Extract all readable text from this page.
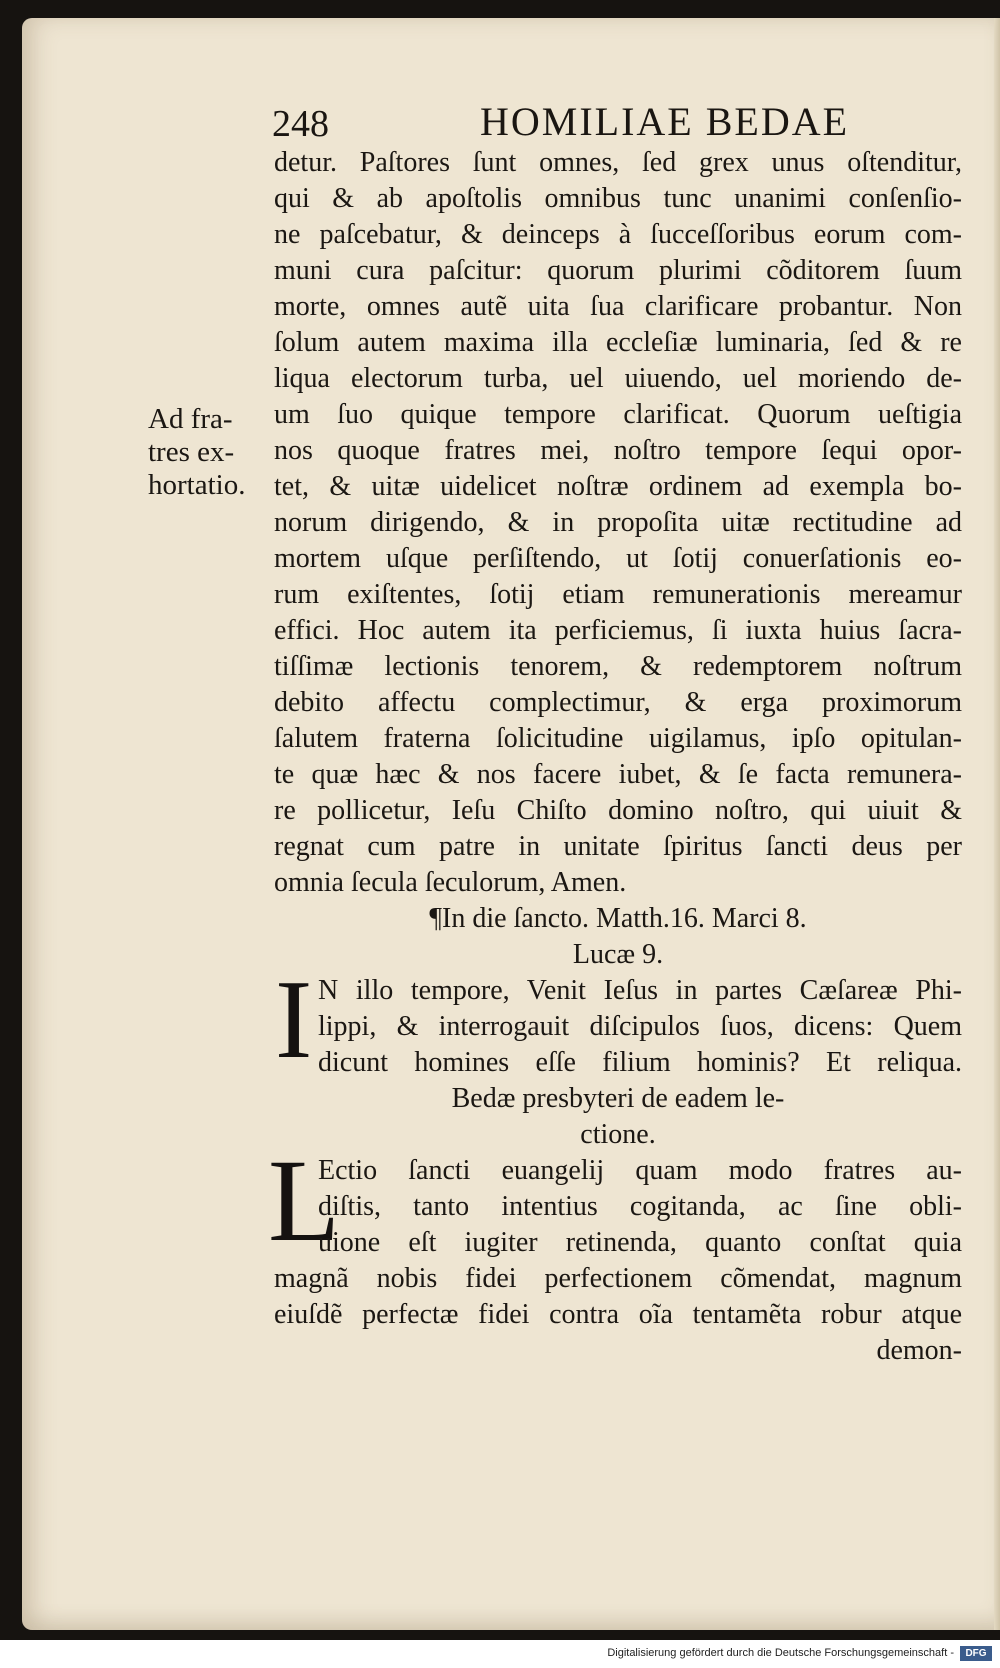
248	HOMILIAE BEDAE
Ad fra-
tres ex-
hortatio.
I
L
detur. Paſtores ſunt omnes, ſed grex unus oſtenditur,
qui & ab apoſtolis omnibus tunc unanimi conſenſio-
ne paſcebatur, & deinceps à ſucceſſoribus eorum com-
muni cura paſcitur: quorum plurimi cõditorem ſuum
morte, omnes autẽ uita ſua clarificare probantur. Non
ſolum autem maxima illa eccleſiæ luminaria, ſed & re
liqua electorum turba, uel uiuendo, uel moriendo de-
um ſuo quique tempore clarificat. Quorum ueſtigia
nos quoque fratres mei, noſtro tempore ſequi opor-
tet, & uitæ uidelicet noſtræ ordinem ad exempla bo-
norum dirigendo, & in propoſita uitæ rectitudine ad
mortem uſque perſiſtendo, ut ſotij conuerſationis eo-
rum exiſtentes, ſotij etiam remunerationis mereamur
effici. Hoc autem ita perficiemus, ſi iuxta huius ſacra-
tiſſimæ lectionis tenorem, & redemptorem noſtrum
debito affectu complectimur, & erga proximorum
ſalutem fraterna ſolicitudine uigilamus, ipſo opitulan-
te quæ hæc & nos facere iubet, & ſe facta remunera-
re pollicetur, Ieſu Chiſto domino noſtro, qui uiuit &
regnat cum patre in unitate ſpiritus ſancti deus per
omnia ſecula ſeculorum, Amen.
¶In die ſancto. Matth.16. Marci 8.
Lucæ 9.
N illo tempore, Venit Ieſus in partes Cæſareæ Phi-
lippi, & interrogauit diſcipulos ſuos, dicens: Quem
dicunt homines eſſe filium hominis? Et reliqua.
Bedæ presbyteri de eadem le-
ctione.
Ectio ſancti euangelij quam modo fratres au-
diſtis, tanto intentius cogitanda, ac ſine obli-
uione eſt iugiter retinenda, quanto conſtat quia
magnã nobis fidei perfectionem cõmendat, magnum
eiuſdẽ perfectæ fidei contra oĩa tentamẽta robur atque
demon-
Digitalisierung gefördert durch die Deutsche Forschungsgemeinschaft -	DFG
